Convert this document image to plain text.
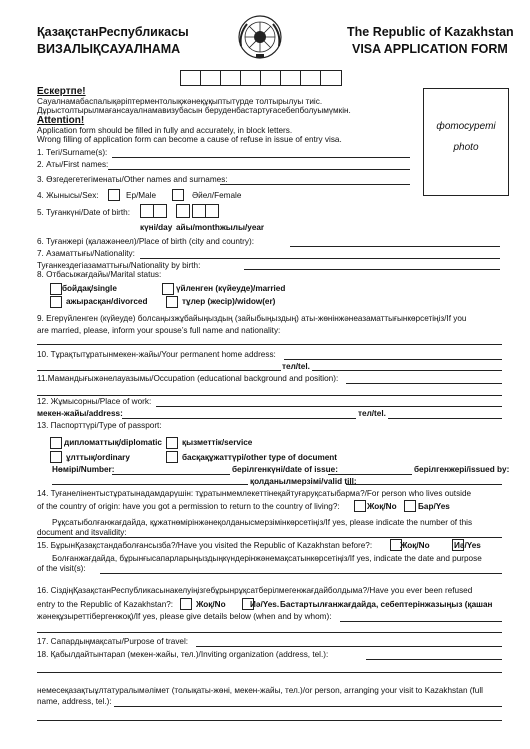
ҚазақстанРеспубликасы
ВИЗАЛЫҚСАУАЛНАМА
The Republic of Kazakhstan
VISA APPLICATION FORM
фотосуреті
photo
Ескертпе!
Сауалнамабаспалықәріптерментолықжәнеқұқыптытүрде толтырылуы тиіс.
Дұрыстолтырылмағансауалнамавизубасын беруденбастартуғасебепболуымүмкін.
Attention!
Application form should be filled in fully and accurately, in block letters.
Wrong filling of application form can become a cause of refuse in issue of entry visa.
1. Тегі/Surname(s):
2. Аты/First names:
3. Өзгедегетегіменаты/Other names and surnames:
4. Жынысы/Sex:	Ер/Male	Әйел/Female
5. Туғанкүні/Date of birth:
күні/day айы/month жылы/year
6. Туғанжері (қалажәнеел)/Place of birth (city and country):
7. Азаматтығы/Nationality:
Туғанкездегіазаматтығы/Nationality by birth:
8. Отбасыжағдайы/Marital status:
бойдақ/single	үйленген (күйеуде)/married
ажырасқан/divorced	тұлер (жесір)/widow(er)
9. Егерүйленген (күйеуде) болсаңызжұбайыңыздың (зайыбыңыздың) аты-жөнінжәнеазаматтығынкөрсетіңіз/If you
are married, please, inform your spouse’s full name and nationality:
10. Тұрақтытұратынмекен-жайы/Your permanent home address:
тел/tel.
11.Мамандығыжәнелауазымы/Occupation (educational background and position):
12. Жұмысорны/Place of work:
мекен-жайы/address:	тел/tel.
13. Паспорттүрі/Type of passport:
дипломаттық/diplomatic қызметтік/service
ұлттық/ordinary	басқақұжаттүрі/other type of document
Нөмірі/Number:	берілгенкүні/date of issue:	берілгенжері/issued by:
қолданылмерзімі/valid till:
14. Туғанелінентыстұратынадамдарүшін: тұратынмемлекеттінеқайтуғаруқсатыбарма?/For person who lives outside
of the country of origin: have you got a permission to return to the country of living?:	Жоқ/No	Бар/Yes
Рұқсатыболғанжағдайда, құжатнөмірінжәнеқолданысмерзімінкөрсетіңіз/If yes, please indicate the number of this
document and itsvalidity:
15. БұрынҚазақстандаболғансызба?/Have you visited the Republic of Kazakhstan before?:	Жоқ/No	Иә/Yes
Болғанжағдайда, бұрынғысапарларыңыздыңкүндерінжәнемақсатынкөрсетіңіз/If yes, indicate the date and purpose
of the visit(s):
16. СіздіңҚазақстанРеспубликасынакелуіңізгебұрынрұқсатберілмегенжағдайболдыма?/Have you ever been refused
entry to the Republic of Kazakhstan?:	Жоқ/No	Иә/Yes. Бастартылғанжағдайда, себептерінжазыңыз (қашан
жәнеқұзыреттібергенжоқ)/If yes, please give details below (when and by whom):
17. Сапардыңмақсаты/Purpose of travel:
18. Қабылдайтынтарап (мекен-жайы, тел.)/Inviting organization (address, tel.):
немесеқазақтыұлтатуралымәлімет (толықаты-жөні, мекен-жайы, тел.)/or person, arranging your visit to Kazakhstan (full
name, address, tel.):
